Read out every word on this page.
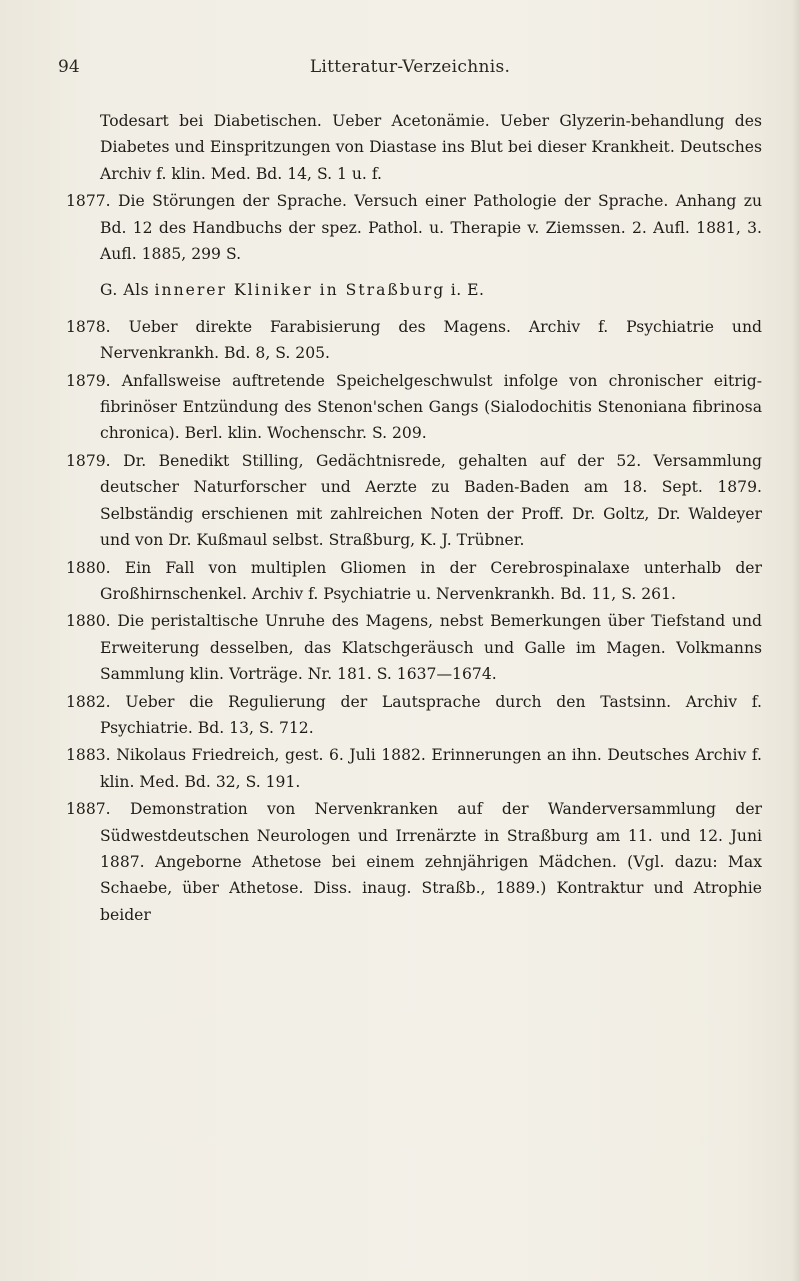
94	Litteratur-Verzeichnis.

Todesart bei Diabetischen. Ueber Acetonämie. Ueber Glyzerin-behandlung des Diabetes und Einspritzungen von Diastase ins Blut bei dieser Krankheit. Deutsches Archiv f. klin. Med. Bd. 14, S. 1 u. f.

1877. Die Störungen der Sprache. Versuch einer Pathologie der Sprache. Anhang zu Bd. 12 des Handbuchs der spez. Pathol. u. Therapie v. Ziemssen. 2. Aufl. 1881, 3. Aufl. 1885, 299 S.

G. Als innerer Kliniker in Straßburg i. E.

1878. Ueber direkte Farabisierung des Magens. Archiv f. Psychiatrie und Nervenkrankh. Bd. 8, S. 205.

1879. Anfallsweise auftretende Speichelgeschwulst infolge von chronischer eitrig-fibrinöser Entzündung des Stenon'schen Gangs (Sialodochitis Stenoniana fibrinosa chronica). Berl. klin. Wochenschr. S. 209.

1879. Dr. Benedikt Stilling, Gedächtnisrede, gehalten auf der 52. Versammlung deutscher Naturforscher und Aerzte zu Baden-Baden am 18. Sept. 1879. Selbständig erschienen mit zahlreichen Noten der Proff. Dr. Goltz, Dr. Waldeyer und von Dr. Kußmaul selbst. Straßburg, K. J. Trübner.

1880. Ein Fall von multiplen Gliomen in der Cerebrospinalaxe unterhalb der Großhirnschenkel. Archiv f. Psychiatrie u. Nervenkrankh. Bd. 11, S. 261.

1880. Die peristaltische Unruhe des Magens, nebst Bemerkungen über Tiefstand und Erweiterung desselben, das Klatschgeräusch und Galle im Magen. Volkmanns Sammlung klin. Vorträge. Nr. 181. S. 1637—1674.

1882. Ueber die Regulierung der Lautsprache durch den Tastsinn. Archiv f. Psychiatrie. Bd. 13, S. 712.

1883. Nikolaus Friedreich, gest. 6. Juli 1882. Erinnerungen an ihn. Deutsches Archiv f. klin. Med. Bd. 32, S. 191.

1887. Demonstration von Nervenkranken auf der Wanderversammlung der Südwestdeutschen Neurologen und Irrenärzte in Straßburg am 11. und 12. Juni 1887. Angeborne Athetose bei einem zehnjährigen Mädchen. (Vgl. dazu: Max Schaebe, über Athetose. Diss. inaug. Straßb., 1889.) Kontraktur und Atrophie beider
